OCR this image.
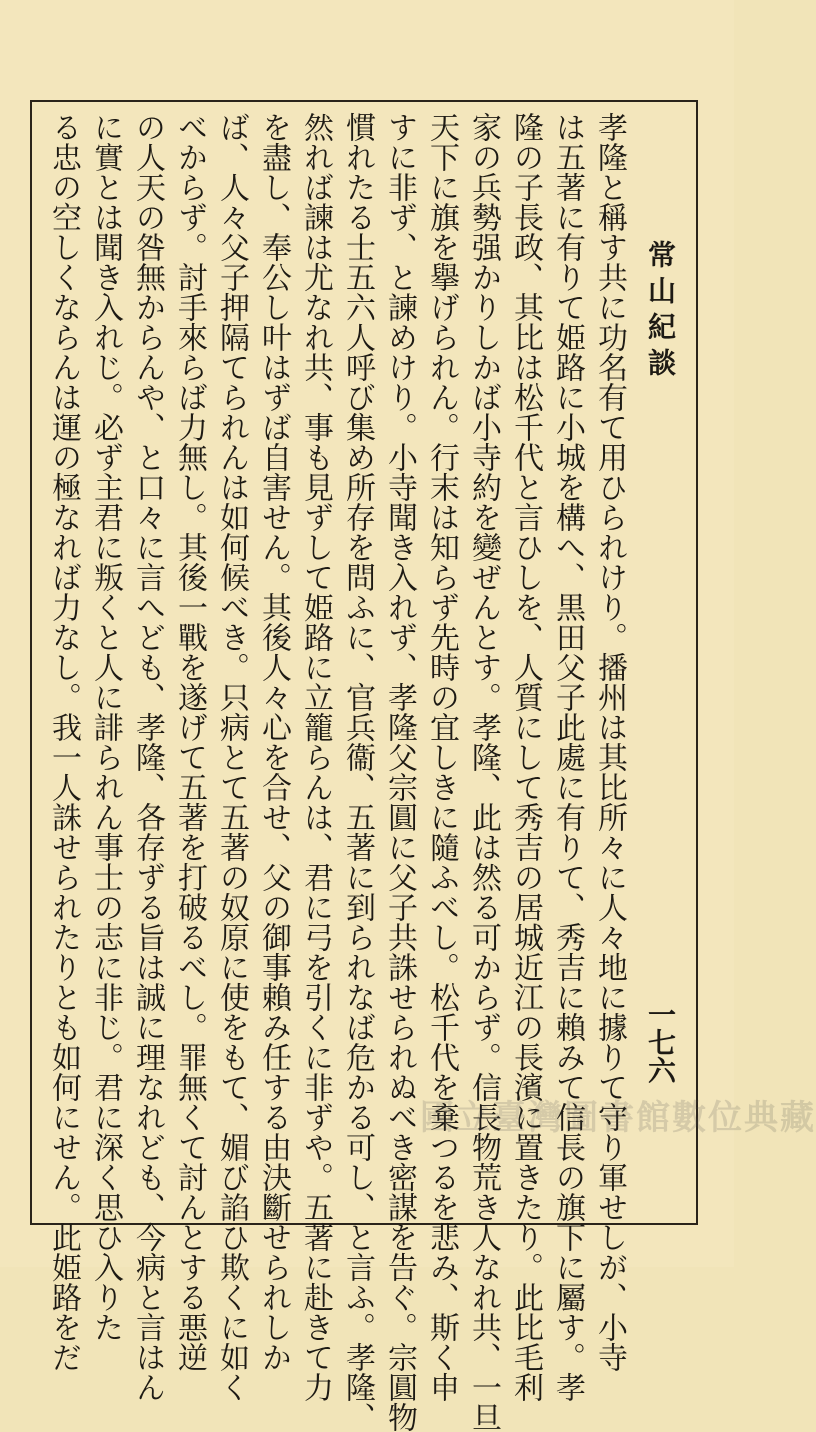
常山紀談
一七六
孝隆と稱す共に功名有て用ひられけり。播州は其比所々に人々地に據りて守り軍せしが、小寺
は五著に有りて姫路に小城を構へ、黒田父子此處に有りて、秀吉に賴みて信長の旗下に屬す。孝
隆の子長政、其比は松千代と言ひしを、人質にして秀吉の居城近江の長濱に置きたり。此比毛利
家の兵勢强かりしかば小寺約を變ぜんとす。孝隆、此は然る可からず。信長物荒き人なれ共、一旦
天下に旗を擧げられん。行末は知らず先時の宜しきに隨ふべし。松千代を棄つるを悲み、斯く申
すに非ず、と諫めけり。小寺聞き入れず、孝隆父宗圓に父子共誅せられぬべき密謀を告ぐ。宗圓物
慣れたる士五六人呼び集め所存を問ふに、官兵衞、五著に到られなば危かる可し、と言ふ。孝隆、
然れば諫は尤なれ共、事も見ずして姫路に立籠らんは、君に弓を引くに非ずや。五著に赴きて力
を盡し、奉公し叶はずば自害せん。其後人々心を合せ、父の御事賴み任する由決斷せられしか
ば、人々父子押隔てられんは如何候べき。只病とて五著の奴原に使をもて、媚び諂ひ欺くに如く
べからず。討手來らば力無し。其後一戰を遂げて五著を打破るべし。罪無くて討んとする悪逆
の人天の咎無からんや、と口々に言へども、孝隆、各存ずる旨は誠に理なれども、今病と言はん
に實とは聞き入れじ。必ず主君に叛くと人に誹られん事士の志に非じ。君に深く思ひ入りた
る忠の空しくならんは運の極なれば力なし。我一人誅せられたりとも如何にせん。此姫路をだ	國立臺灣圖書館數位典藏
